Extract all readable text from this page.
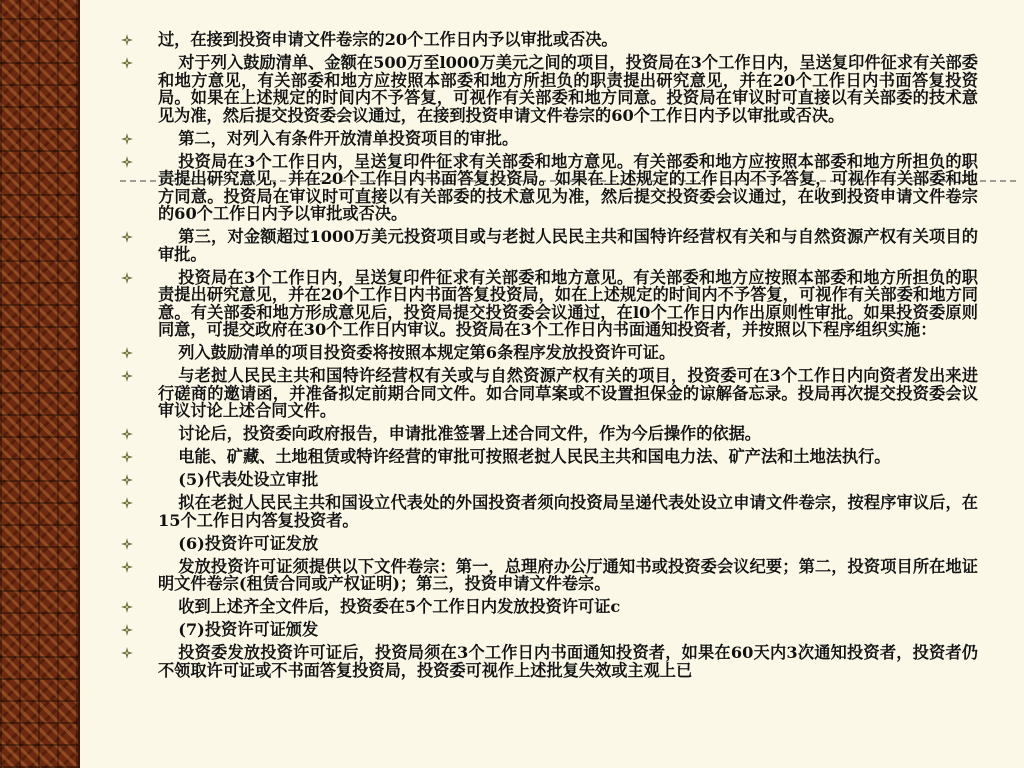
过，在接到投资申请文件卷宗的20个工作日内予以审批或否决。
对于列入鼓励清单、金额在500万至l000万美元之间的项目，投资局在3个工作日内，呈送复印件征求有关部委和地方意见，有关部委和地方应按照本部委和地方所担负的职责提出研究意见，并在20个工作日内书面答复投资局。如果在上述规定的时间内不予答复，可视作有关部委和地方同意。投资局在审议时可直接以有关部委的技术意见为准，然后提交投资委会议通过，在接到投资申请文件卷宗的60个工作日内予以审批或否决。
第二，对列入有条件开放清单投资项目的审批。
投资局在3个工作日内，呈送复印件征求有关部委和地方意见。有关部委和地方应按照本部委和地方所担负的职责提出研究意见，并在20个工作日内书面答复投资局。如果在上述规定的工作日内不予答复，可视作有关部委和地方同意。投资局在审议时可直接以有关部委的技术意见为准，然后提交投资委会议通过，在收到投资申请文件卷宗的60个工作日内予以审批或否决。
第三，对金额超过1000万美元投资项目或与老挝人民民主共和国特许经营权有关和与自然资源产权有关项目的审批。
投资局在3个工作日内，呈送复印件征求有关部委和地方意见。有关部委和地方应按照本部委和地方所担负的职责提出研究意见，并在20个工作日内书面答复投资局，如在上述规定的时间内不予答复，可视作有关部委和地方同意。有关部委和地方形成意见后，投资局提交投资委会议通过，在l0个工作日内作出原则性审批。如果投资委原则同意，可提交政府在30个工作日内审议。投资局在3个工作日内书面通知投资者，并按照以下程序组织实施：
列入鼓励清单的项目投资委将按照本规定第6条程序发放投资许可证。
与老挝人民民主共和国特许经营权有关或与自然资源产权有关的项目，投资委可在3个工作日内向资者发出来进行磋商的邀请函，并准备拟定前期合同文件。如合同草案或不设置担保金的谅解备忘录。投局再次提交投资委会议审议讨论上述合同文件。
讨论后，投资委向政府报告，申请批准签署上述合同文件，作为今后操作的依据。
电能、矿藏、土地租赁或特许经营的审批可按照老挝人民民主共和国电力法、矿产法和土地法执行。
(5)代表处设立审批
拟在老挝人民民主共和国设立代表处的外国投资者须向投资局呈递代表处设立申请文件卷宗，按程序审议后，在15个工作日内答复投资者。
(6)投资许可证发放
发放投资许可证须提供以下文件卷宗：第一，总理府办公厅通知书或投资委会议纪要；第二，投资项目所在地证明文件卷宗(租赁合同或产权证明)；第三，投资申请文件卷宗。
收到上述齐全文件后，投资委在5个工作日内发放投资许可证c
(7)投资许可证颁发
投资委发放投资许可证后，投资局须在3个工作日内书面通知投资者，如果在60天内3次通知投资者，投资者仍不领取许可证或不书面答复投资局，投资委可视作上述批复失效或主观上已
